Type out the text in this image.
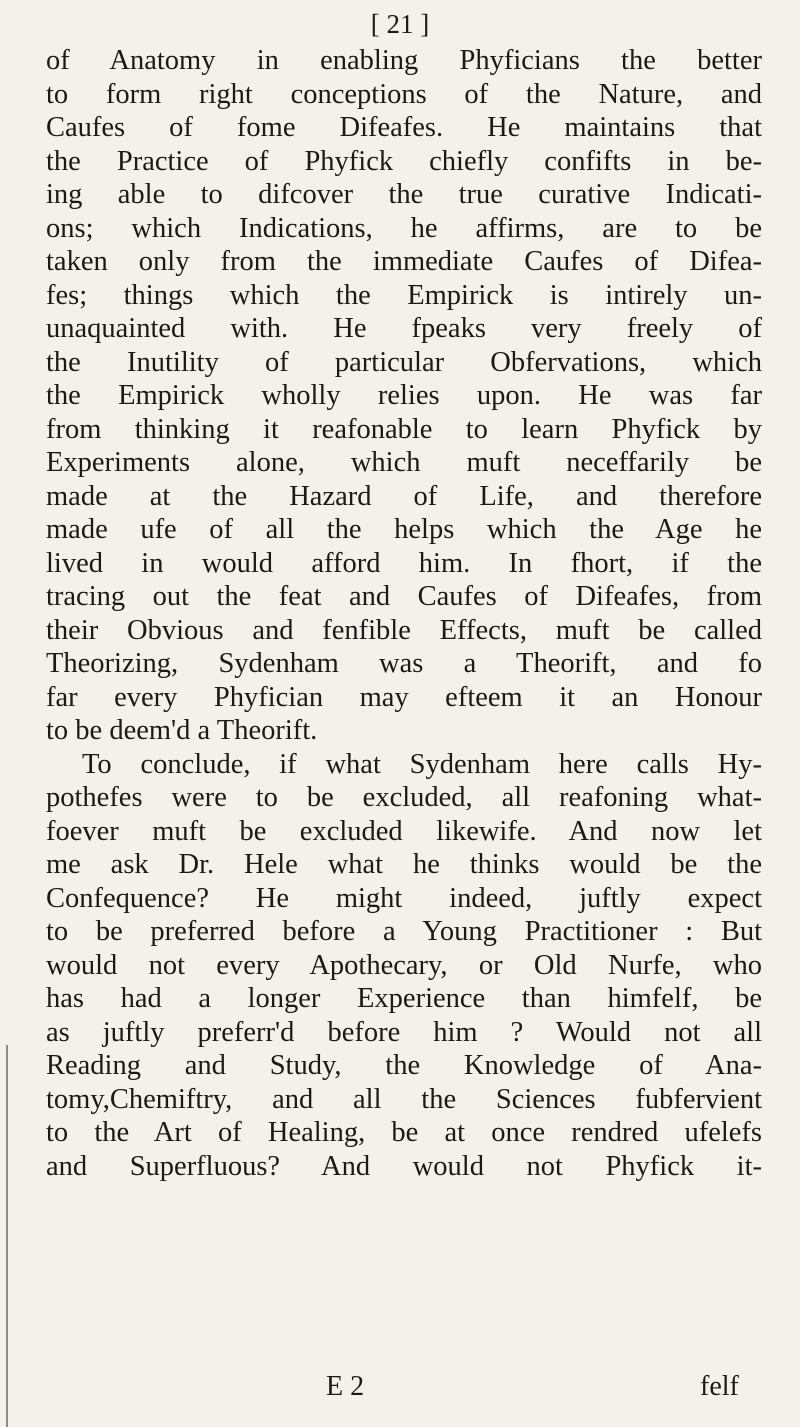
[ 21 ]
of Anatomy in enabling Phyficians the better
to form right conceptions of the Nature, and
Caufes of fome Difeafes. He maintains that
the Practice of Phyfick chiefly confifts in be-
ing able to difcover the true curative Indicati-
ons; which Indications, he affirms, are to be
taken only from the immediate Caufes of Difea-
fes; things which the Empirick is intirely un-
unaquainted with. He fpeaks very freely of
the Inutility of particular Obfervations, which
the Empirick wholly relies upon. He was far
from thinking it reafonable to learn Phyfick by
Experiments alone, which muft neceffarily be
made at the Hazard of Life, and therefore
made ufe of all the helps which the Age he
lived in would afford him. In fhort, if the
tracing out the feat and Caufes of Difeafes, from
their Obvious and fenfible Effects, muft be called
Theorizing, Sydenham was a Theorift, and fo
far every Phyfician may efteem it an Honour
to be deem'd a Theorift.
To conclude, if what Sydenham here calls Hy-
pothefes were to be excluded, all reafoning what-
foever muft be excluded likewife. And now let
me ask Dr. Hele what he thinks would be the
Confequence? He might indeed, juftly expect
to be preferred before a Young Practitioner : But
would not every Apothecary, or Old Nurfe, who
has had a longer Experience than himfelf, be
as juftly preferr'd before him ? Would not all
Reading and Study, the Knowledge of Ana-
tomy,Chemiftry, and all the Sciences fubfervient
to the Art of Healing, be at once rendred ufelefs
and Superfluous? And would not Phyfick it-
E 2	felf
